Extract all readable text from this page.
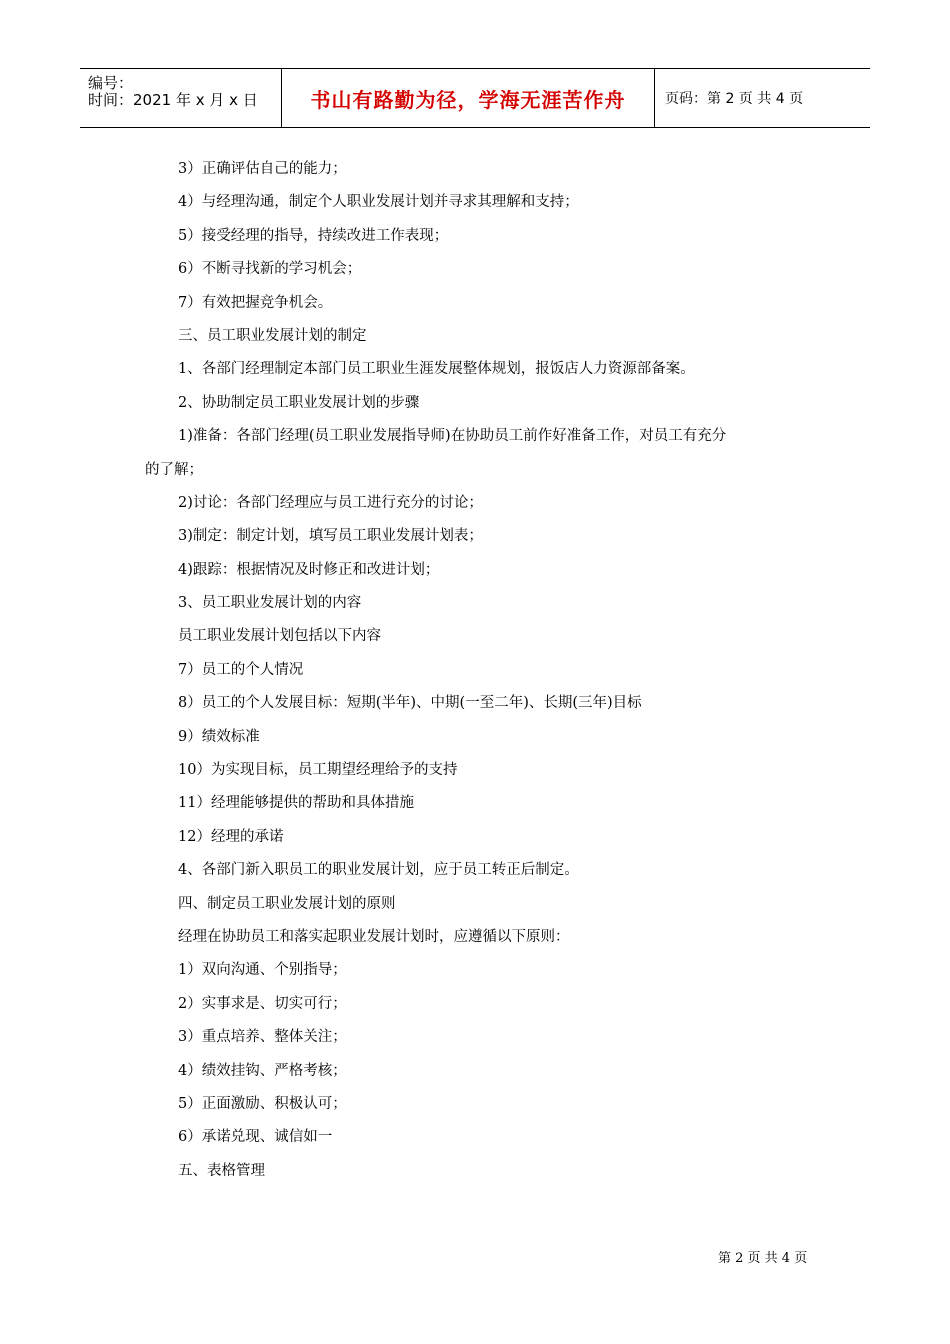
编号：
时间：2021 年 x 月 x 日	书山有路勤为径，学海无涯苦作舟	页码：第 2 页 共 4 页
3）正确评估自己的能力；
4）与经理沟通，制定个人职业发展计划并寻求其理解和支持；
5）接受经理的指导，持续改进工作表现；
6）不断寻找新的学习机会；
7）有效把握竞争机会。
三、员工职业发展计划的制定
1、各部门经理制定本部门员工职业生涯发展整体规划，报饭店人力资源部备案。
2、协助制定员工职业发展计划的步骤
1)准备：各部门经理(员工职业发展指导师)在协助员工前作好准备工作，对员工有充分
的了解；
2)讨论：各部门经理应与员工进行充分的讨论；
3)制定：制定计划，填写员工职业发展计划表；
4)跟踪：根据情况及时修正和改进计划；
3、员工职业发展计划的内容
员工职业发展计划包括以下内容
7）员工的个人情况
8）员工的个人发展目标：短期(半年)、中期(一至二年)、长期(三年)目标
9）绩效标准
10）为实现目标，员工期望经理给予的支持
11）经理能够提供的帮助和具体措施
12）经理的承诺
4、各部门新入职员工的职业发展计划，应于员工转正后制定。
四、制定员工职业发展计划的原则
经理在协助员工和落实起职业发展计划时，应遵循以下原则：
1）双向沟通、个别指导；
2）实事求是、切实可行；
3）重点培养、整体关注；
4）绩效挂钩、严格考核；
5）正面激励、积极认可；
6）承诺兑现、诚信如一
五、表格管理
第 2 页 共 4 页
